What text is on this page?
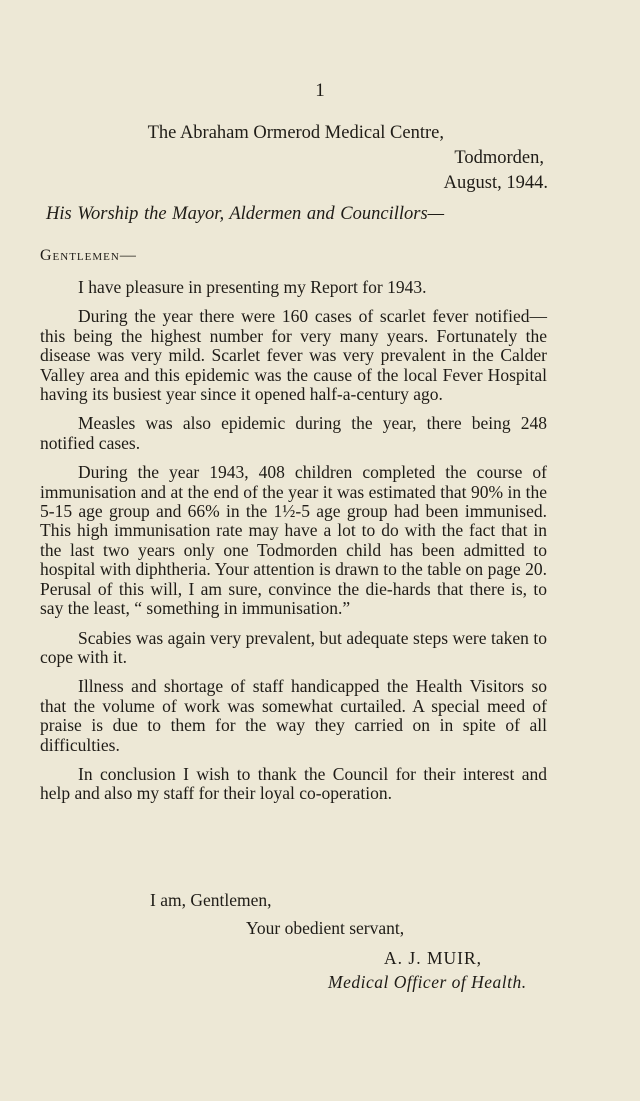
1
The Abraham Ormerod Medical Centre,
Todmorden,
August, 1944.
His Worship the Mayor, Aldermen and Councillors—
Gentlemen—

I have pleasure in presenting my Report for 1943.

During the year there were 160 cases of scarlet fever notified—this being the highest number for very many years. Fortunately the disease was very mild. Scarlet fever was very prevalent in the Calder Valley area and this epidemic was the cause of the local Fever Hospital having its busiest year since it opened half-a-century ago.

Measles was also epidemic during the year, there being 248 notified cases.

During the year 1943, 408 children completed the course of immunisation and at the end of the year it was estimated that 90% in the 5-15 age group and 66% in the 1½-5 age group had been immunised. This high immunisation rate may have a lot to do with the fact that in the last two years only one Todmorden child has been admitted to hospital with diphtheria. Your attention is drawn to the table on page 20. Perusal of this will, I am sure, convince the die-hards that there is, to say the least, “ something in immunisation.”

Scabies was again very prevalent, but adequate steps were taken to cope with it.

Illness and shortage of staff handicapped the Health Visitors so that the volume of work was somewhat curtailed. A special meed of praise is due to them for the way they carried on in spite of all difficulties.

In conclusion I wish to thank the Council for their interest and help and also my staff for their loyal co-operation.

I am, Gentlemen,
Your obedient servant,
A. J. MUIR,
Medical Officer of Health.
